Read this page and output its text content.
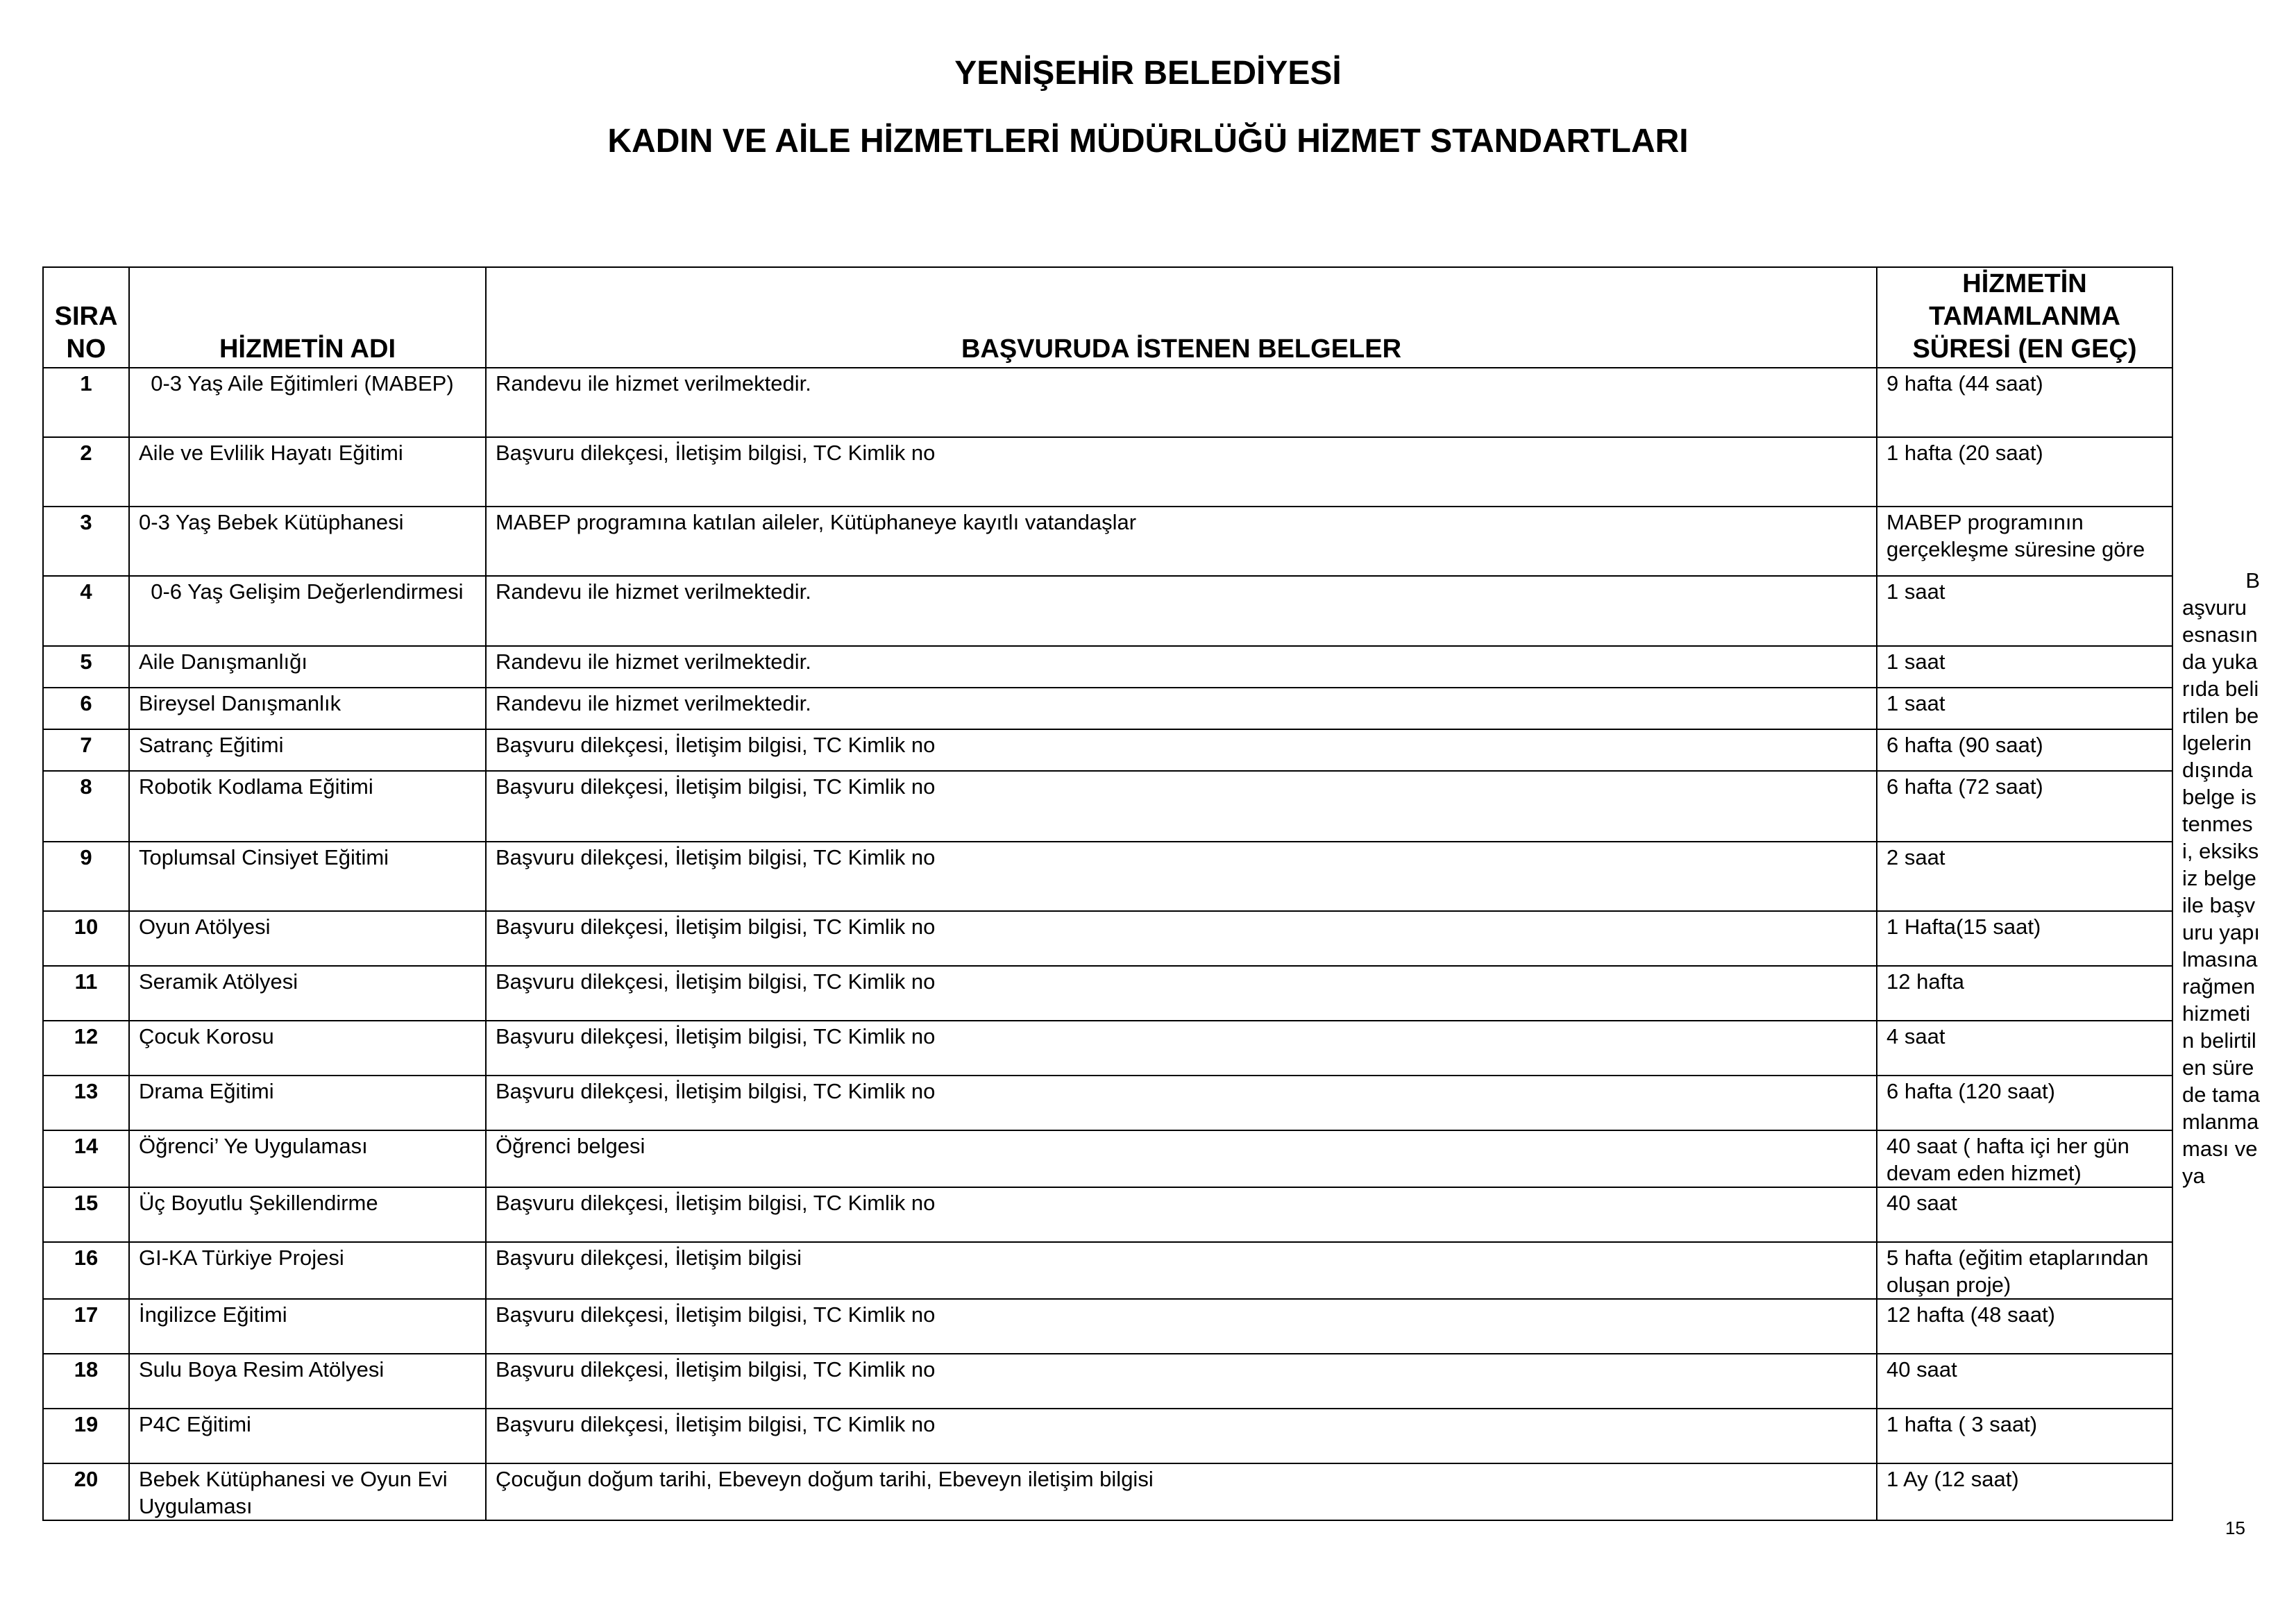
YENİŞEHİR BELEDİYESİ
KADIN VE AİLE HİZMETLERİ MÜDÜRLÜĞÜ HİZMET STANDARTLARI
SIRA
NO	HİZMETİN ADI	BAŞVURUDA İSTENEN BELGELER	HİZMETİN
TAMAMLANMA
SÜRESİ (EN GEÇ)
1	0-3 Yaş Aile Eğitimleri (MABEP)	Randevu ile hizmet verilmektedir.	9 hafta (44 saat)
2	Aile ve Evlilik Hayatı Eğitimi	Başvuru dilekçesi, İletişim bilgisi, TC Kimlik no	1 hafta (20 saat)
3	0-3 Yaş Bebek Kütüphanesi	MABEP programına katılan aileler, Kütüphaneye kayıtlı vatandaşlar	MABEP programının gerçekleşme süresine göre
4	0-6 Yaş Gelişim Değerlendirmesi	Randevu ile hizmet verilmektedir.	1 saat
5	Aile Danışmanlığı	Randevu ile hizmet verilmektedir.	1 saat
6	Bireysel Danışmanlık	Randevu ile hizmet verilmektedir.	1 saat
7	Satranç Eğitimi	Başvuru dilekçesi, İletişim bilgisi, TC Kimlik no	6 hafta (90 saat)
8	Robotik Kodlama Eğitimi	Başvuru dilekçesi, İletişim bilgisi, TC Kimlik no	6 hafta (72 saat)
9	Toplumsal Cinsiyet Eğitimi	Başvuru dilekçesi, İletişim bilgisi, TC Kimlik no	2 saat
10	Oyun Atölyesi	Başvuru dilekçesi, İletişim bilgisi, TC Kimlik no	1 Hafta(15 saat)
11	Seramik Atölyesi	Başvuru dilekçesi, İletişim bilgisi, TC Kimlik no	12 hafta
12	Çocuk Korosu	Başvuru dilekçesi, İletişim bilgisi, TC Kimlik no	4 saat
13	Drama Eğitimi	Başvuru dilekçesi, İletişim bilgisi, TC Kimlik no	6 hafta (120 saat)
14	Öğrenci’ Ye Uygulaması	Öğrenci belgesi	40 saat ( hafta içi her gün devam eden hizmet)
15	Üç Boyutlu Şekillendirme	Başvuru dilekçesi, İletişim bilgisi, TC Kimlik no	40 saat
16	GI-KA Türkiye Projesi	Başvuru dilekçesi, İletişim bilgisi	5 hafta (eğitim etaplarından oluşan proje)
17	İngilizce Eğitimi	Başvuru dilekçesi, İletişim bilgisi, TC Kimlik no	12 hafta (48 saat)
18	Sulu Boya Resim Atölyesi	Başvuru dilekçesi, İletişim bilgisi, TC Kimlik no	40 saat
19	P4C Eğitimi	Başvuru dilekçesi, İletişim bilgisi, TC Kimlik no	1 hafta ( 3 saat)
20	Bebek Kütüphanesi ve Oyun Evi Uygulaması	Çocuğun doğum tarihi, Ebeveyn doğum tarihi, Ebeveyn iletişim bilgisi	1 Ay (12 saat)
B
aşvuru esnasında yukarıda belirtilen belgelerin dışında belge istenmesi, eksiksiz belge ile başvuru yapılmasına rağmen hizmetin belirtilen sürede tamamlanmaması veya
15
